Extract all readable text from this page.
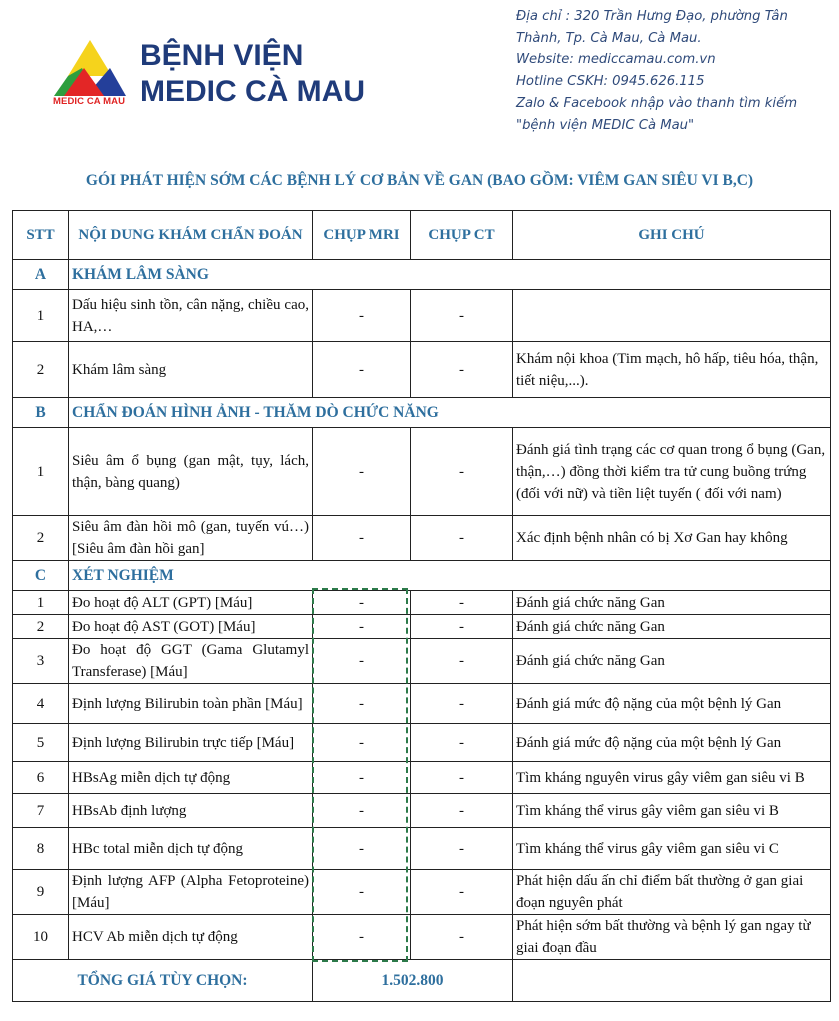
MEDIC CA MAU
BỆNH VIỆN
MEDIC CÀ MAU
Địa chỉ : 320 Trần Hưng Đạo, phường Tân
Thành, Tp. Cà Mau, Cà Mau.
Website: mediccamau.com.vn
Hotline CSKH: 0945.626.115
Zalo & Facebook nhập vào thanh tìm kiếm
"bệnh viện MEDIC Cà Mau"
GÓI PHÁT HIỆN SỚM CÁC BỆNH LÝ CƠ BẢN VỀ GAN (BAO GỒM: VIÊM GAN SIÊU VI B,C)
STT	NỘI DUNG KHÁM CHẨN ĐOÁN	CHỤP MRI	CHỤP CT	GHI CHÚ
A	KHÁM LÂM SÀNG			
1	Dấu hiệu sinh tồn, cân nặng, chiều cao, HA,…	-	-	
2	Khám lâm sàng	-	-	Khám nội khoa (Tim mạch, hô hấp, tiêu hóa, thận, tiết niệu,...).
B	CHẨN ĐOÁN HÌNH ẢNH - THĂM DÒ CHỨC NĂNG			
1	Siêu âm ổ bụng (gan mật, tụy, lách, thận, bàng quang)	-	-	Đánh giá tình trạng các cơ quan trong ổ bụng (Gan, thận,…) đồng thời kiểm tra tử cung buồng trứng (đối với nữ) và tiền liệt tuyến ( đối với nam)
2	Siêu âm đàn hồi mô (gan, tuyến vú…) [Siêu âm đàn hồi gan]	-	-	Xác định bệnh nhân có bị Xơ Gan hay không
C	XÉT NGHIỆM			
1	Đo hoạt độ ALT (GPT) [Máu]	-	-	Đánh giá chức năng Gan
2	Đo hoạt độ AST (GOT) [Máu]	-	-	Đánh giá chức năng Gan
3	Đo hoạt độ GGT (Gama Glutamyl Transferase) [Máu]	-	-	Đánh giá chức năng Gan
4	Định lượng Bilirubin toàn phần [Máu]	-	-	Đánh giá mức độ nặng của một bệnh lý Gan
5	Định lượng Bilirubin trực tiếp [Máu]	-	-	Đánh giá mức độ nặng của một bệnh lý Gan
6	HBsAg miễn dịch tự động	-	-	Tìm kháng nguyên virus gây viêm gan siêu vi B
7	HBsAb định lượng	-	-	Tìm kháng thể virus gây viêm gan siêu vi B
8	HBc total miễn dịch tự động	-	-	Tìm kháng thể virus gây viêm gan siêu vi C
9	Định lượng AFP (Alpha Fetoproteine) [Máu]	-	-	Phát hiện dấu ấn chỉ điểm bất thường ở gan giai đoạn nguyên phát
10	HCV Ab miễn dịch tự động	-	-	Phát hiện sớm bất thường và bệnh lý gan ngay từ giai đoạn đầu
TỔNG GIÁ TÙY CHỌN:		1.502.800		
